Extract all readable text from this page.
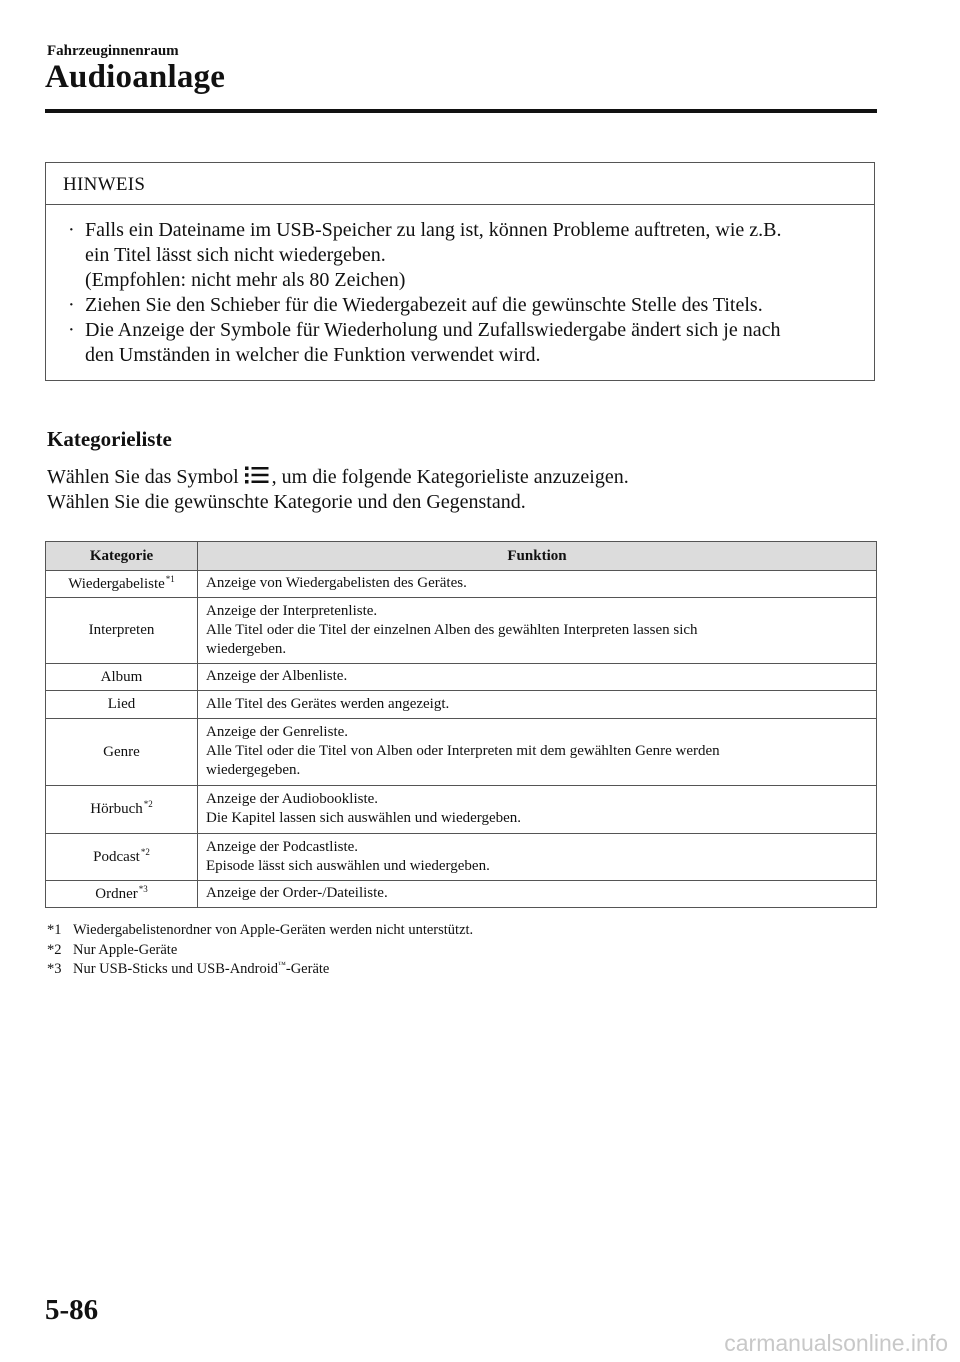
Fahrzeuginnenraum
Audioanlage
HINWEIS
· Falls ein Dateiname im USB-Speicher zu lang ist, können Probleme auftreten, wie z.B.
ein Titel lässt sich nicht wiedergeben.
(Empfohlen: nicht mehr als 80 Zeichen)
· Ziehen Sie den Schieber für die Wiedergabezeit auf die gewünschte Stelle des Titels.
· Die Anzeige der Symbole für Wiederholung und Zufallswiedergabe ändert sich je nach
den Umständen in welcher die Funktion verwendet wird.
Kategorieliste

Wählen Sie das Symbol , um die folgende Kategorieliste anzuzeigen.

Wählen Sie die gewünschte Kategorie und den Gegenstand.

Kategorie	Funktion
Wiedergabeliste$^{*1}$	Anzeige von Wiedergabelisten des Gerätes.

Interpreten	Anzeige der Interpretenliste.
Alle Titel oder die Titel der einzelnen Alben des gewählten Interpreten lassen sich
wiedergeben.

Album	Anzeige der Albenliste.

Lied	Alle Titel des Gerätes werden angezeigt.

Genre	Anzeige der Genreliste.
Alle Titel oder die Titel von Alben oder Interpreten mit dem gewählten Genre werden
wiedergegeben.

Hörbuch$^{*2}$	Anzeige der Audiobookliste.
Die Kapitel lassen sich auswählen und wiedergeben.

Podcast$^{*2}$	Anzeige der Podcastliste.
Episode lässt sich auswählen und wiedergeben.

Ordner$^{*3}$	Anzeige der Order-/Dateiliste.
*1 Wiedergabelistenordner von Apple-Geräten werden nicht unterstützt.
*2 Nur Apple-Geräte
*3 Nur USB-Sticks und USB-Android™-Geräte
5-86
carmanualsonline.info
